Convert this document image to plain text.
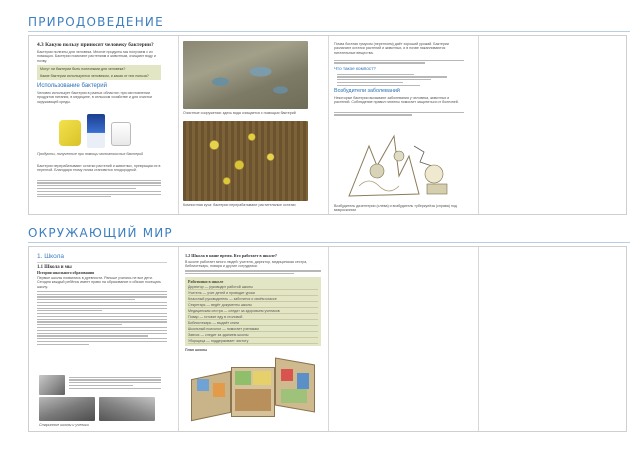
ПРИРОДОВЕДЕНИЕ
4.3 Какую пользу приносят человеку бактерии?
Бактерии полезны для человека. Многие продукты мы получаем с их помощью. Бактерии помогают растениям и животным, очищают воду и почву.
Могут ли бактерии быть полезными для человека?
Какие бактерии используются человеком, и какая от них польза?
Использование бактерий
Человек использует бактерии в разных областях: при изготовлении продуктов питания, в медицине, в сельском хозяйстве и для очистки окружающей среды.
Продукты, полученные при помощи молочнокислых бактерий
Бактерии перерабатывают остатки растений и животных, превращая их в перегной. Благодаря этому почва становится плодородной.
Очистные сооружения: здесь вода очищается с помощью бактерий
Компостная куча: бактерии перерабатывают растительные остатки
Почва богатая гумусом (перегноем) даёт хороший урожай. Бактерии разлагают остатки растений и животных, и в почве накапливаются питательные вещества.
Что такое компост?
Возбудители заболеваний
Некоторые бактерии вызывают заболевания у человека, животных и растений. Соблюдение правил гигиены помогает защититься от болезней.
Возбудитель дизентерии (слева) и возбудитель туберкулёза (справа) под микроскопом
ОКРУЖАЮЩИЙ МИР
1. Школа
1.1 Школа и мы
История школьного образования
Первые школы появились в древности. Раньше учились не все дети. Сегодня каждый ребёнок имеет право на образование и обязан посещать школу.
Старинные школы и ученики
1.2 Школа в наше время. Кто работает в школе?
В школе работает много людей: учителя, директор, медицинская сестра, библиотекарь, повара и другие сотрудники.
Работники в школе
Директор — руководит работой школы
Учитель — учит детей и проводит уроки
Классный руководитель — заботится о своём классе
Секретарь — ведёт документы школы
Медицинская сестра — следит за здоровьем учеников
Повар — готовит еду в столовой
Библиотекарь — выдаёт книги
Школьный психолог — помогает ученикам
Завхоз — следит за зданием школы
Уборщица — поддерживает чистоту
План школы
